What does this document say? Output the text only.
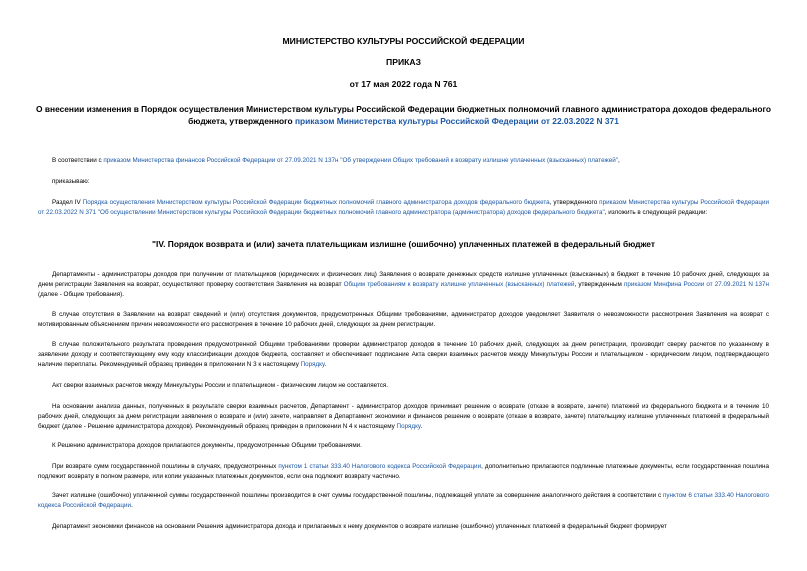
МИНИСТЕРСТВО КУЛЬТУРЫ РОССИЙСКОЙ ФЕДЕРАЦИИ
ПРИКАЗ
от 17 мая 2022 года N 761
О внесении изменения в Порядок осуществления Министерством культуры Российской Федерации бюджетных полномочий главного администратора доходов федерального бюджета, утвержденного приказом Министерства культуры Российской Федерации от 22.03.2022 N 371
В соответствии с приказом Министерства финансов Российской Федерации от 27.09.2021 N 137н "Об утверждении Общих требований к возврату излишне уплаченных (взысканных) платежей",
приказываю:
Раздел IV Порядка осуществления Министерством культуры Российской Федерации бюджетных полномочий главного администратора доходов федерального бюджета, утвержденного приказом Министерства культуры Российской Федерации от 22.03.2022 N 371 "Об осуществлении Министерством культуры Российской Федерации бюджетных полномочий главного администратора (администратора) доходов федерального бюджета", изложить в следующей редакции:
"IV. Порядок возврата и (или) зачета плательщикам излишне (ошибочно) уплаченных платежей в федеральный бюджет
Департаменты - администраторы доходов при получении от плательщиков (юридических и физических лиц) Заявления о возврате денежных средств излишне уплаченных (взысканных) в бюджет в течение 10 рабочих дней, следующих за днем регистрации Заявления на возврат, осуществляют проверку соответствия Заявления на возврат Общим требованиям к возврату излишне уплаченных (взысканных) платежей, утвержденным приказом Минфина России от 27.09.2021 N 137н (далее - Общие требования).
В случае отсутствия в Заявлении на возврат сведений и (или) отсутствия документов, предусмотренных Общими требованиями, администратор доходов уведомляет Заявителя о невозможности рассмотрения Заявления на возврат с мотивированным объяснением причин невозможности его рассмотрения в течение 10 рабочих дней, следующих за днем регистрации.
В случае положительного результата проведения предусмотренной Общими требованиями проверки администратор доходов в течение 10 рабочих дней, следующих за днем регистрации, производит сверку расчетов по указанному в заявлении доходу и соответствующему ему коду классификации доходов бюджета, составляет и обеспечивает подписание Акта сверки взаимных расчетов между Минкультуры России и плательщиком - юридическим лицом, подтверждающего наличие переплаты. Рекомендуемый образец приведен в приложении N 3 к настоящему Порядку.
Акт сверки взаимных расчетов между Минкультуры России и плательщиком - физическим лицом не составляется.
На основании анализа данных, полученных в результате сверки взаимных расчетов, Департамент - администратор доходов принимает решение о возврате (отказе в возврате, зачете) платежей из федерального бюджета и в течение 10 рабочих дней, следующих за днем регистрации заявления о возврате и (или) зачете, направляет в Департамент экономики и финансов решение о возврате (отказе в возврате, зачете) плательщику излишне уплаченных платежей в федеральный бюджет (далее - Решение администратора доходов). Рекомендуемый образец приведен в приложении N 4 к настоящему Порядку.
К Решению администратора доходов прилагаются документы, предусмотренные Общими требованиями.
При возврате сумм государственной пошлины в случаях, предусмотренных пунктом 1 статьи 333.40 Налогового кодекса Российской Федерации, дополнительно прилагаются подлинные платежные документы, если государственная пошлина подлежит возврату в полном размере, или копии указанных платежных документов, если она подлежит возврату частично.
Зачет излишне (ошибочно) уплаченной суммы государственной пошлины производится в счет суммы государственной пошлины, подлежащей уплате за совершение аналогичного действия в соответствии с пунктом 6 статьи 333.40 Налогового кодекса Российской Федерации.
Департамент экономики финансов на основании Решения администратора дохода и прилагаемых к нему документов о возврате излишне (ошибочно) уплаченных платежей в федеральный бюджет формирует
